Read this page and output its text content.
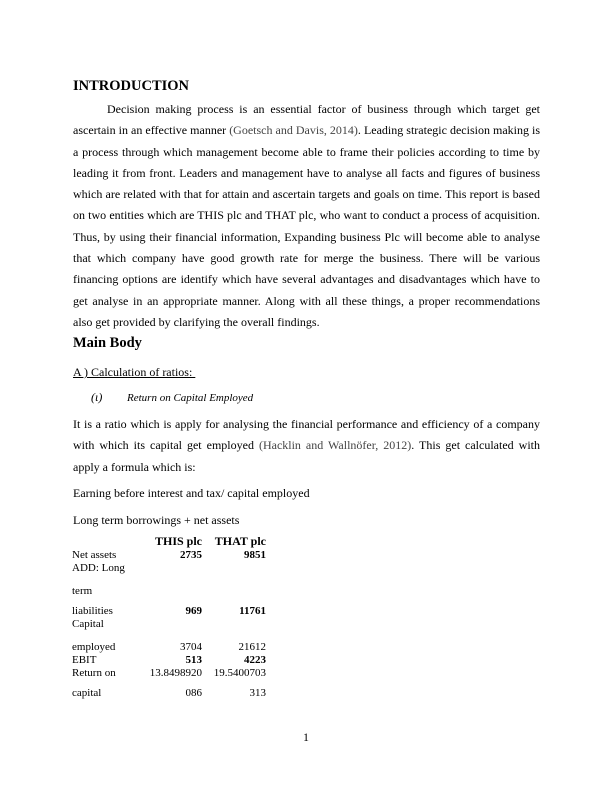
INTRODUCTION
Decision making process is an essential factor of business through which target get ascertain in an effective manner (Goetsch and Davis, 2014). Leading strategic decision making is a process through which management become able to frame their policies according to time by leading it from front. Leaders and management have to analyse all facts and figures of business which are related with that for attain and ascertain targets and goals on time. This report is based on two entities which are THIS plc and THAT plc, who want to conduct a process of acquisition. Thus, by using their financial information, Expanding business Plc will become able to analyse that which company have good growth rate for merge the business. There will be various financing options are identify which have several advantages and disadvantages which have to get analyse in an appropriate manner. Along with all these things, a proper recommendations also get provided by clarifying the overall findings.
Main Body
A ) Calculation of ratios:
(ι) Return on Capital Employed
It is a ratio which is apply for analysing the financial performance and efficiency of a company with which its capital get employed (Hacklin and Wallnöfer, 2012). This get calculated with apply a formula which is:
Earning before interest and tax/ capital employed
Long term borrowings + net assets
	THIS plc	THAT plc
Net assets	2735	9851
ADD: Long		
term		
liabilities	969	11761
Capital		
employed	3704	21612
EBIT	513	4223
Return on	13.8498920	19.5400703
capital	086	313
1
